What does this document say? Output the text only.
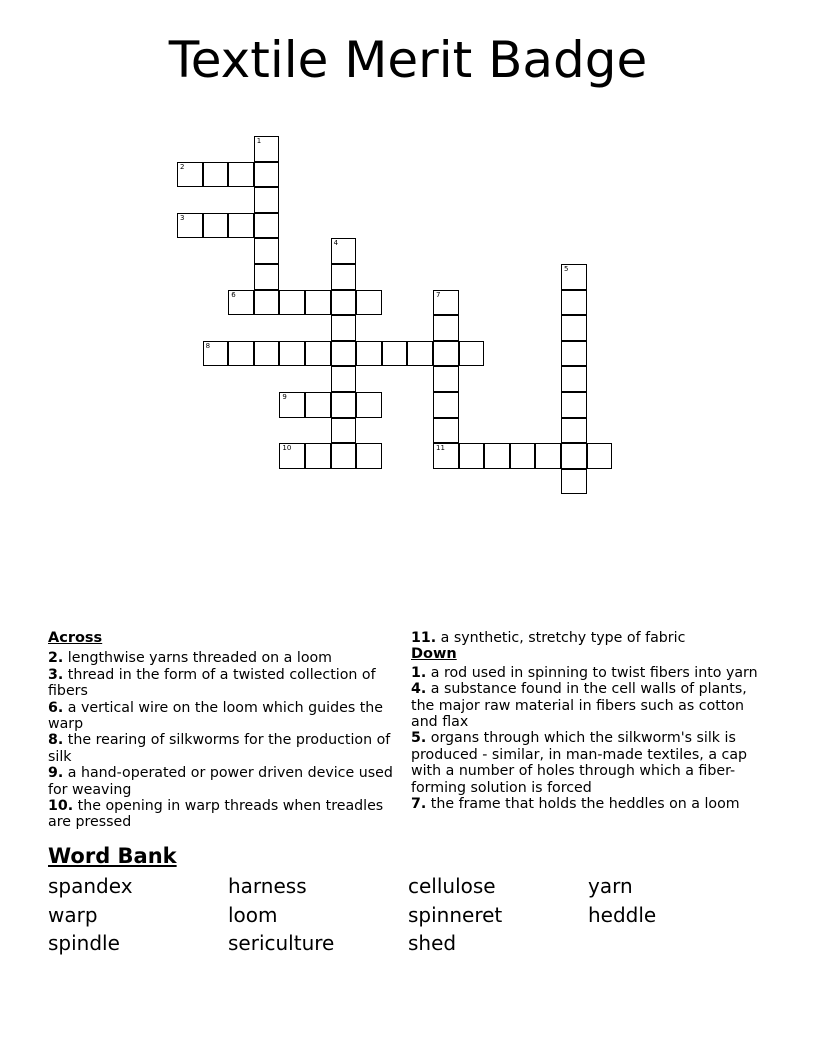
Textile Merit Badge
1
2
3
4
5
6	7
11
8
9
10
Across

2. lengthwise yarns threaded on a loom

3. thread in the form of a twisted collection of fibers

6. a vertical wire on the loom which guides the warp

8. the rearing of silkworms for the production of silk

9. a hand-operated or power driven device used for weaving

10. the opening in warp threads when treadles are pressed

11. a synthetic, stretchy type of fabric

Down

1. a rod used in spinning to twist fibers into yarn

4. a substance found in the cell walls of plants, the major raw material in fibers such as cotton and flax

5. organs through which the silkworm's silk is produced - similar, in man-made textiles, a cap with a number of holes through which a fiber-forming solution is forced

7. the frame that holds the heddles on a loom

Word Bank
spandex	harness	cellulose	yarn
warp	loom	spinneret	heddle
spindle	sericulture	shed
